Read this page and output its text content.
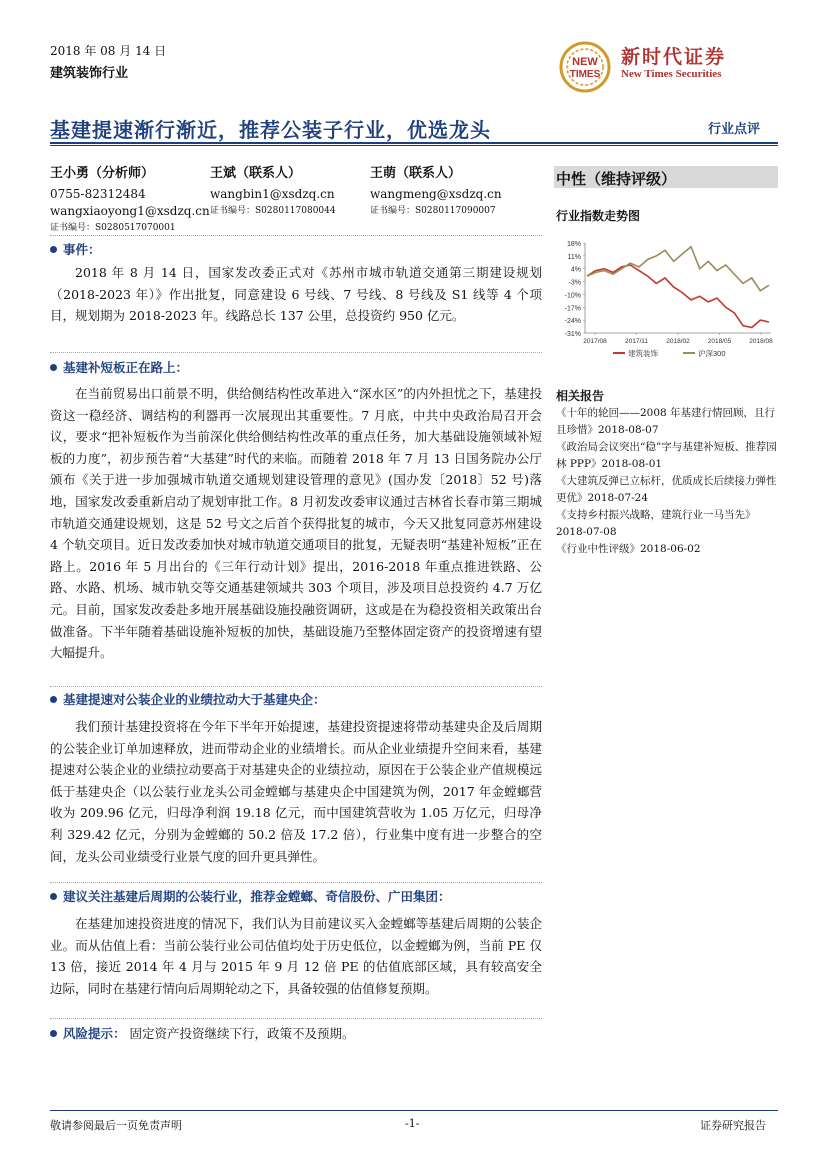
2018 年 08 月 14 日
建筑装饰行业
NEW
TIMES
新时代证券
New Times Securities
基建提速渐行渐近，推荐公装子行业，优选龙头	行业点评
王小勇（分析师）
0755-82312484
wangxiaoyong1@xsdzq.cn
证书编号：S0280517070001
王斌（联系人）
wangbin1@xsdzq.cn
证书编号：S0280117080044
王萌（联系人）
wangmeng@xsdzq.cn
证书编号：S0280117090007
中性（维持评级）
行业指数走势图
18%
11%
4%
-3%
-10%
-17%
-24%
-31%
2017/08	2017/11	2018/02	2018/05	2018/08
建筑装饰	沪深300
相关报告
《十年的轮回——2008 年基建行情回顾，且行且珍惜》2018-08-07
《政治局会议突出“稳”字与基建补短板、推荐园林 PPP》2018-08-01
《大建筑反弹已立标杆，优质成长后续接力弹性更优》2018-07-24
《支持乡村振兴战略，建筑行业一马当先》2018-07-08
《行业中性评级》2018-06-02
事件：
2018 年 8 月 14 日，国家发改委正式对《苏州市城市轨道交通第三期建设规划（2018-2023 年）》作出批复，同意建设 6 号线、7 号线、8 号线及 S1 线等 4 个项目，规划期为 2018-2023 年。线路总长 137 公里，总投资约 950 亿元。
基建补短板正在路上：
在当前贸易出口前景不明，供给侧结构性改革进入“深水区”的内外担忧之下，基建投资这一稳经济、调结构的利器再一次展现出其重要性。7 月底，中共中央政治局召开会议，要求“把补短板作为当前深化供给侧结构性改革的重点任务，加大基础设施领域补短板的力度”，初步预告着“大基建”时代的来临。而随着 2018 年 7 月 13 日国务院办公厅颁布《关于进一步加强城市轨道交通规划建设管理的意见》(国办发〔2018〕52 号)落地，国家发改委重新启动了规划审批工作。8 月初发改委审议通过吉林省长春市第三期城市轨道交通建设规划，这是 52 号文之后首个获得批复的城市，今天又批复同意苏州建设 4 个轨交项目。近日发改委加快对城市轨道交通项目的批复，无疑表明“基建补短板”正在路上。2016 年 5 月出台的《三年行动计划》提出，2016-2018 年重点推进铁路、公路、水路、机场、城市轨交等交通基建领域共 303 个项目，涉及项目总投资约 4.7 万亿元。目前，国家发改委赴多地开展基础设施投融资调研，这或是在为稳投资相关政策出台做准备。下半年随着基础设施补短板的加快，基础设施乃至整体固定资产的投资增速有望大幅提升。
基建提速对公装企业的业绩拉动大于基建央企：
我们预计基建投资将在今年下半年开始提速，基建投资提速将带动基建央企及后周期的公装企业订单加速释放，进而带动企业的业绩增长。而从企业业绩提升空间来看，基建提速对公装企业的业绩拉动要高于对基建央企的业绩拉动，原因在于公装企业产值规模远低于基建央企（以公装行业龙头公司金螳螂与基建央企中国建筑为例，2017 年金螳螂营收为 209.96 亿元，归母净利润 19.18 亿元，而中国建筑营收为 1.05 万亿元，归母净利 329.42 亿元，分别为金螳螂的 50.2 倍及 17.2 倍），行业集中度有进一步整合的空间，龙头公司业绩受行业景气度的回升更具弹性。
建议关注基建后周期的公装行业，推荐金螳螂、奇信股份、广田集团：
在基建加速投资进度的情况下，我们认为目前建议买入金螳螂等基建后周期的公装企业。而从估值上看：当前公装行业公司估值均处于历史低位，以金螳螂为例，当前 PE 仅 13 倍，接近 2014 年 4 月与 2015 年 9 月 12 倍 PE 的估值底部区域，具有较高安全边际，同时在基建行情向后周期轮动之下，具备较强的估值修复预期。
风险提示： 固定资产投资继续下行，政策不及预期。
敬请参阅最后一页免责声明	-1-	证券研究报告
